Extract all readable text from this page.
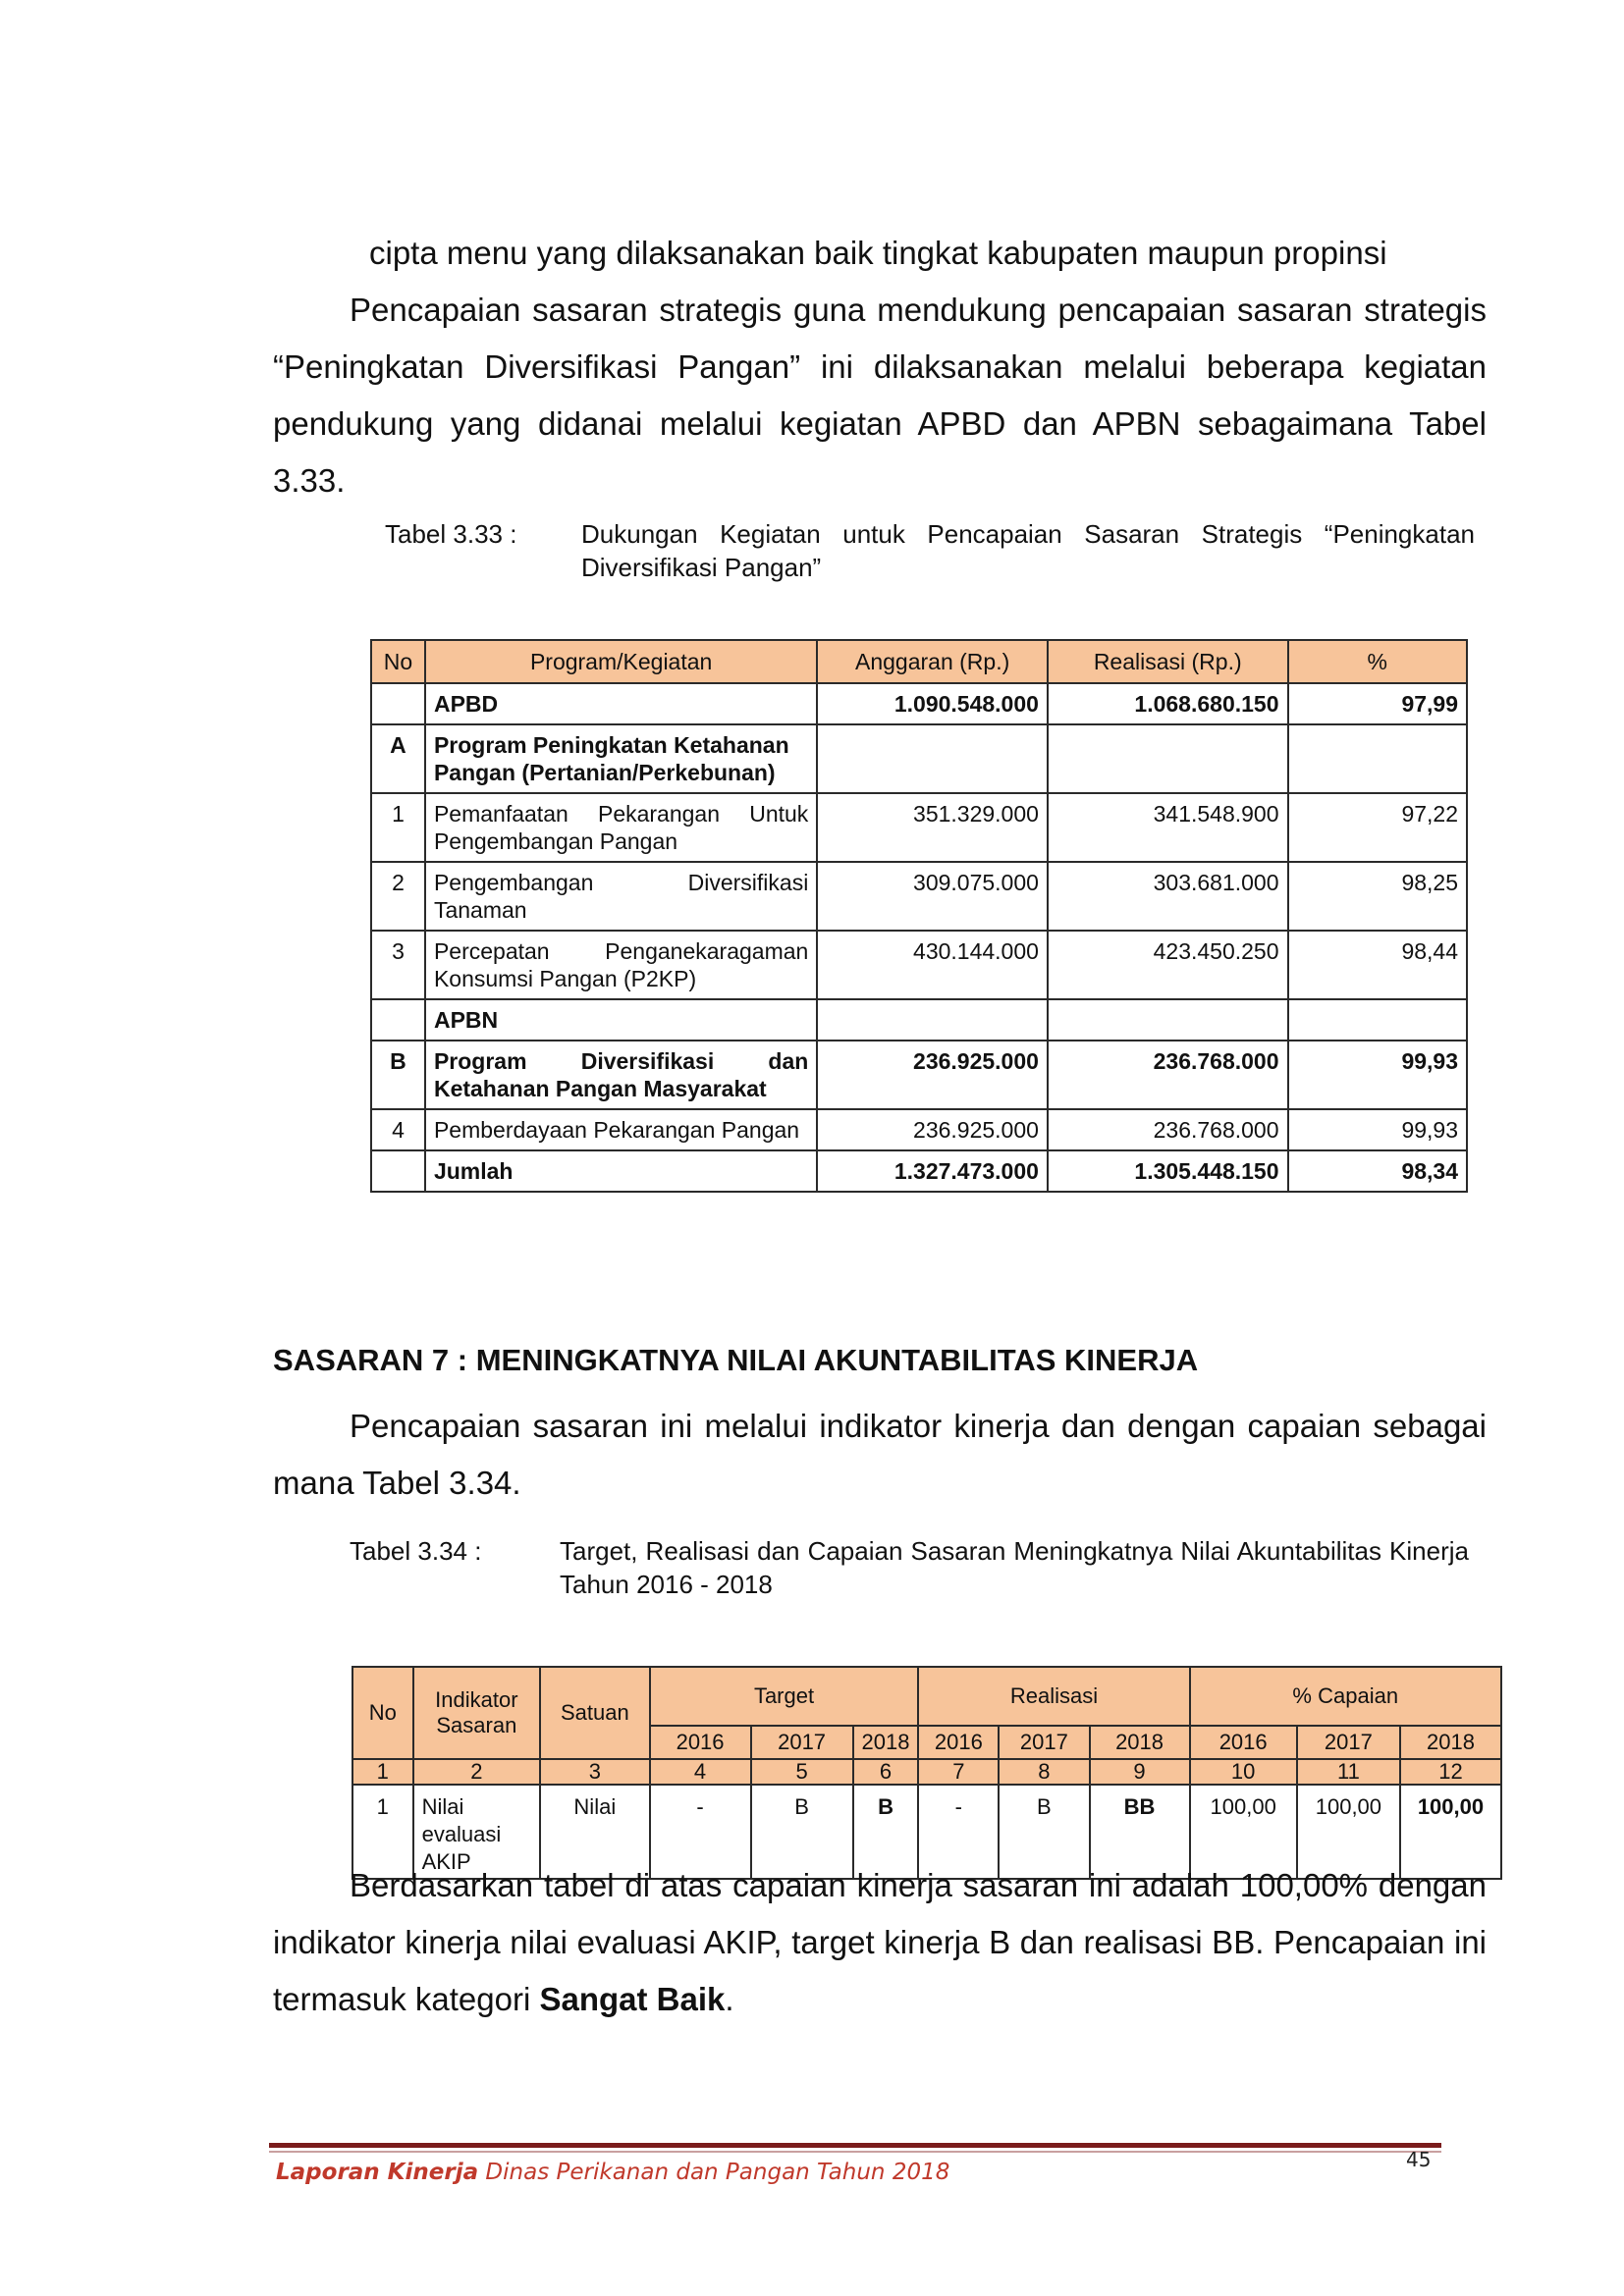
cipta menu yang dilaksanakan baik tingkat kabupaten maupun propinsi

Pencapaian sasaran strategis guna mendukung pencapaian sasaran strategis “Peningkatan Diversifikasi Pangan” ini dilaksanakan melalui beberapa kegiatan pendukung yang didanai melalui kegiatan APBD dan APBN sebagaimana Tabel 3.33.

Tabel 3.33 :	Dukungan Kegiatan untuk Pencapaian Sasaran Strategis “Peningkatan Diversifikasi Pangan”
No	Program/Kegiatan	Anggaran (Rp.)	Realisasi (Rp.)	%
	APBD	1.090.548.000	1.068.680.150	97,99
A	Program Peningkatan Ketahanan Pangan (Pertanian/Perkebunan)			
1	Pemanfaatan Pekarangan Untuk Pengembangan Pangan	351.329.000	341.548.900	97,22
2	Pengembangan Diversifikasi Tanaman	309.075.000	303.681.000	98,25
3	Percepatan Penganekaragaman Konsumsi Pangan (P2KP)	430.144.000	423.450.250	98,44
	APBN			
B	Program Diversifikasi dan Ketahanan Pangan Masyarakat	236.925.000	236.768.000	99,93
4	Pemberdayaan Pekarangan Pangan	236.925.000	236.768.000	99,93
	Jumlah	1.327.473.000	1.305.448.150	98,34
SASARAN 7 : MENINGKATNYA NILAI AKUNTABILITAS KINERJA

Pencapaian sasaran ini melalui indikator kinerja dan dengan capaian sebagai mana Tabel 3.34.

Tabel 3.34 :	Target, Realisasi dan Capaian Sasaran Meningkatnya Nilai Akuntabilitas Kinerja Tahun 2016 - 2018
No	Indikator Sasaran	Satuan	Target			Realisasi			% Capaian		
			2016	2017	2018	2016	2017	2018	2016	2017	2018
1	2	3	4	5	6	7	8	9	10	11	12
1	Nilai evaluasi AKIP	Nilai	-	B	B	-	B	BB	100,00	100,00	100,00

Berdasarkan tabel di atas capaian kinerja sasaran ini adalah 100,00% dengan indikator kinerja nilai evaluasi AKIP, target kinerja B dan realisasi BB. Pencapaian ini termasuk kategori Sangat Baik.

Laporan Kinerja Dinas Perikanan dan Pangan Tahun 2018	45
